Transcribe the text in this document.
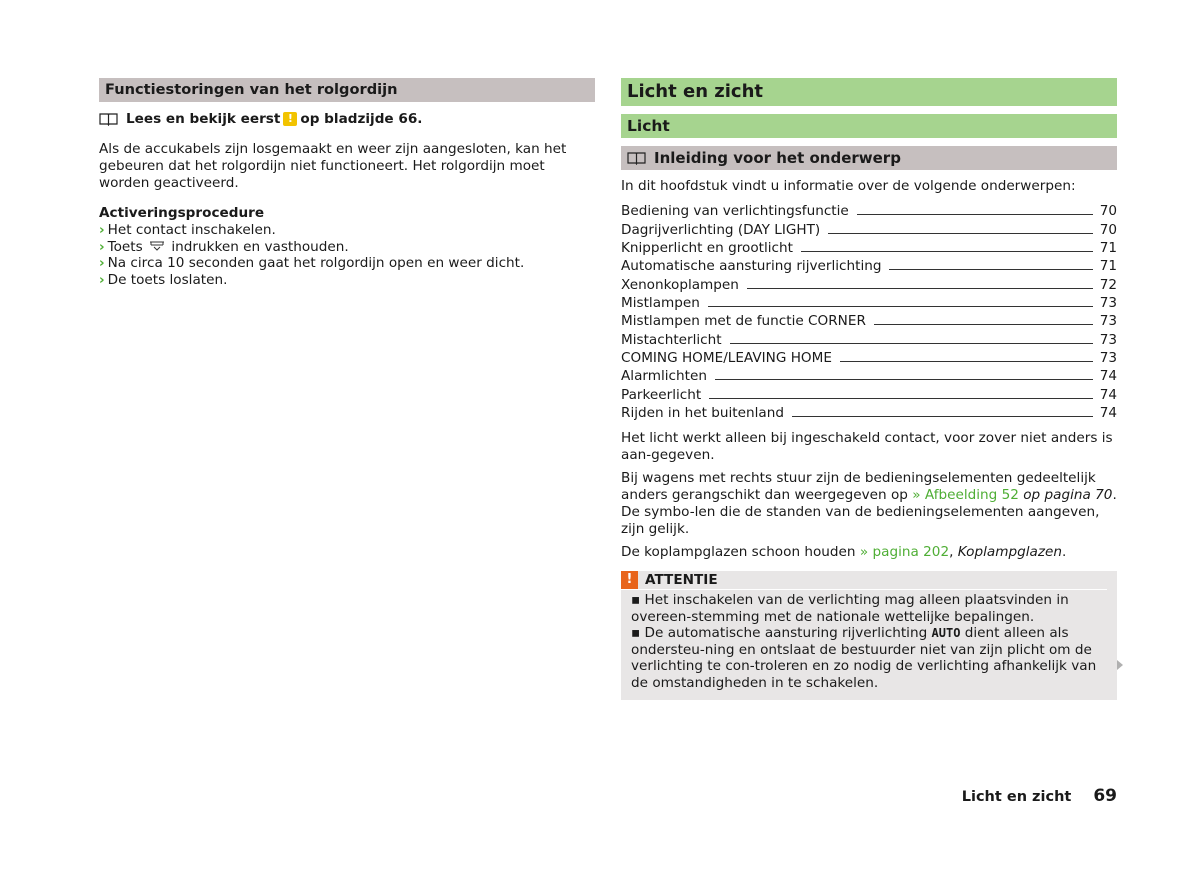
Functiestoringen van het rolgordijn
Lees en bekijk eerst ! op bladzijde 66.

Als de accukabels zijn losgemaakt en weer zijn aangesloten, kan het gebeuren dat het rolgordijn niet functioneert. Het rolgordijn moet worden geactiveerd.

Activeringsprocedure
› Het contact inschakelen.
› Toets indrukken en vasthouden.
› Na circa 10 seconden gaat het rolgordijn open en weer dicht.
› De toets loslaten.
Licht en zicht
Licht
Inleiding voor het onderwerp

In dit hoofdstuk vindt u informatie over de volgende onderwerpen:

Bediening van verlichtingsfunctie	70
Dagrijverlichting (DAY LIGHT)	70
Knipperlicht en grootlicht	71
Automatische aansturing rijverlichting	71
Xenonkoplampen	72
Mistlampen	73
Mistlampen met de functie CORNER	73
Mistachterlicht	73
COMING HOME/LEAVING HOME	73
Alarmlichten	74
Parkeerlicht	74
Rijden in het buitenland	74

Het licht werkt alleen bij ingeschakeld contact, voor zover niet anders is aan-gegeven.

Bij wagens met rechts stuur zijn de bedieningselementen gedeeltelijk anders gerangschikt dan weergegeven op » Afbeelding 52 op pagina 70. De symbo-len die de standen van de bedieningselementen aangeven, zijn gelijk.

De koplampglazen schoon houden » pagina 202, Koplampglazen.

! ATTENTIE

▪ Het inschakelen van de verlichting mag alleen plaatsvinden in overeen-stemming met de nationale wettelijke bepalingen.

▪ De automatische aansturing rijverlichting AUTO dient alleen als ondersteu-ning en ontslaat de bestuurder niet van zijn plicht om de verlichting te con-troleren en zo nodig de verlichting afhankelijk van de omstandigheden in te schakelen.

Licht en zicht 69
